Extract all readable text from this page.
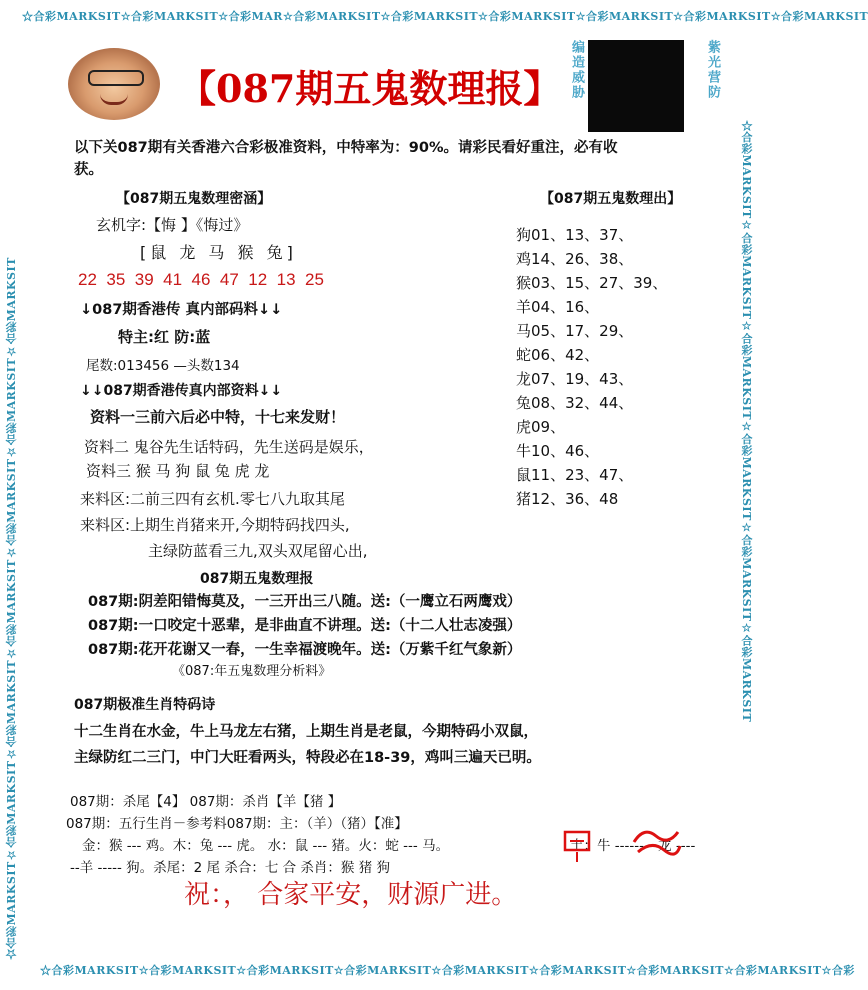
☆合彩MARKSIT☆合彩MARKSIT☆合彩MAR☆合彩MARKSIT☆合彩MARKSIT☆合彩MARKSIT☆合彩MARKSIT☆合彩MARKSIT☆合彩MARKSIT
☆合彩MARKSIT☆合彩MARKSIT☆合彩MARKSIT☆合彩MARKSIT☆合彩MARKSIT☆合彩MARKSIT☆合彩MARKSIT☆合彩MARKSIT☆合彩
☆合彩MARKSIT☆合彩MARKSIT☆合彩MARKSIT☆合彩MARKSIT☆合彩MARKSIT☆合彩MARKSIT☆合彩MARKSIT	☆合彩MARKSIT☆合彩MARKSIT☆合彩MARKSIT☆合彩MARKSIT☆合彩MARKSIT☆合彩MARKSIT
【087期五鬼数理报】 编造威胁	紫光营防
以下关087期有关香港六合彩极准资料，中特率为：90%。请彩民看好重注，必有收
获。
【087期五鬼数理密涵】
玄机字:【悔 】《悔过》
[鼠 龙 马 猴 兔]
22 35 39 41 46 47 12 13 25
↓087期香港传 真内部码料↓↓
特主:红 防:蓝
尾数:013456 —头数134
↓↓087期香港传真内部资料↓↓
资料一三前六后必中特，十七来发财！
资料二 鬼谷先生话特码，先生送码是娱乐，
资料三 猴 马 狗 鼠 兔 虎 龙
来料区:二前三四有玄机.零七八九取其尾
来料区:上期生肖猪来开,今期特码找四头,
主绿防蓝看三九,双头双尾留心出,
【087期五鬼数理出】
狗01、13、37、
鸡14、26、38、
猴03、15、27、39、
羊04、16、
马05、17、29、
蛇06、42、
龙07、19、43、
兔08、32、44、
虎09、
牛10、46、
鼠11、23、47、
猪12、36、48
087期五鬼数理报
087期:阴差阳错悔莫及，一三开出三八随。送:（一鹰立石两鹰戏）
087期:一口咬定十恶辈，是非曲直不讲理。送:（十二人壮志凌强）
087期:花开花谢又一春，一生幸福渡晚年。送:（万紫千红气象新）
《087:年五鬼数理分析料》
087期极准生肖特码诗
十二生肖在水金，牛上马龙左右猪，上期生肖是老鼠，今期特码小双鼠，
主绿防红二三门，中门大旺看两头，特段必在18-39，鸡叫三遍天已明。
087期：杀尾【4】 087期：杀肖【羊【猪 】
087期：五行生肖－参考料087期：主：（羊）（猪）【准】
金：猴 --- 鸡。木：兔 --- 虎。 水：鼠 --- 猪。火：蛇 --- 马。	土：牛 -------- 龙 ----
--羊 ----- 狗。杀尾：2 尾 杀合：七 合 杀肖：猴 猪 狗
祝：， 合家平安，财源广进。
